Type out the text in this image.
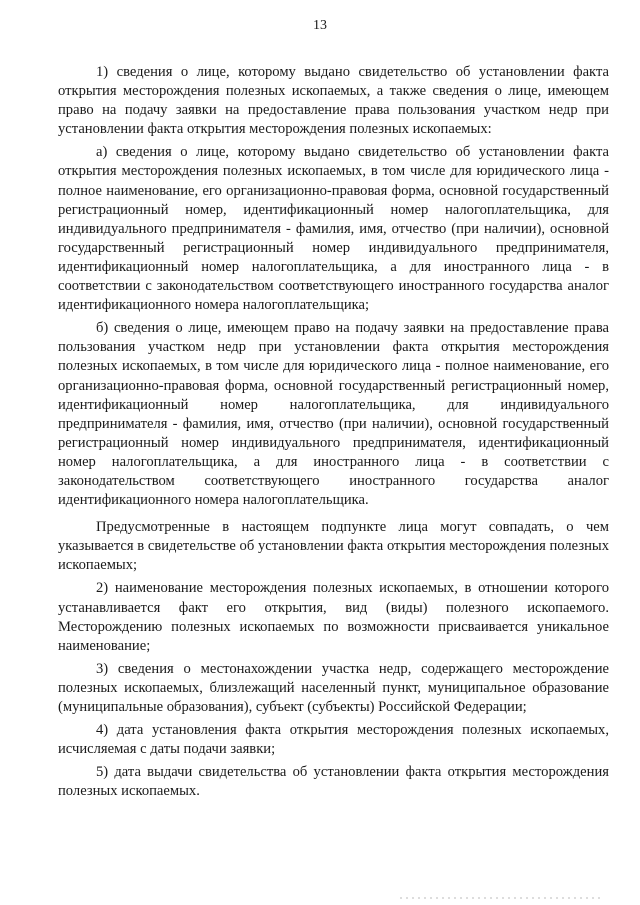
13

1) сведения о лице, которому выдано свидетельство об установлении факта открытия месторождения полезных ископаемых, а также сведения о лице, имеющем право на подачу заявки на предоставление права пользования участком недр при установлении факта открытия месторождения полезных ископаемых:

а) сведения о лице, которому выдано свидетельство об установлении факта открытия месторождения полезных ископаемых, в том числе для юридического лица - полное наименование, его организационно-правовая форма, основной государственный регистрационный номер, идентификационный номер налогоплательщика, для индивидуального предпринимателя - фамилия, имя, отчество (при наличии), основной государственный регистрационный номер индивидуального предпринимателя, идентификационный номер налогоплательщика, а для иностранного лица - в соответствии с законодательством соответствующего иностранного государства аналог идентификационного номера налогоплательщика;

б) сведения о лице, имеющем право на подачу заявки на предоставление права пользования участком недр при установлении факта открытия месторождения полезных ископаемых, в том числе для юридического лица - полное наименование, его организационно-правовая форма, основной государственный регистрационный номер, идентификационный номер налогоплательщика, для индивидуального предпринимателя - фамилия, имя, отчество (при наличии), основной государственный регистрационный номер индивидуального предпринимателя, идентификационный номер налогоплательщика, а для иностранного лица - в соответствии с законодательством соответствующего иностранного государства аналог идентификационного номера налогоплательщика.

Предусмотренные в настоящем подпункте лица могут совпадать, о чем указывается в свидетельстве об установлении факта открытия месторождения полезных ископаемых;

2) наименование месторождения полезных ископаемых, в отношении которого устанавливается факт его открытия, вид (виды) полезного ископаемого. Месторождению полезных ископаемых по возможности присваивается уникальное наименование;

3) сведения о местонахождении участка недр, содержащего месторождение полезных ископаемых, близлежащий населенный пункт, муниципальное образование (муниципальные образования), субъект (субъекты) Российской Федерации;

4) дата установления факта открытия месторождения полезных ископаемых, исчисляемая с даты подачи заявки;

5) дата выдачи свидетельства об установлении факта открытия месторождения полезных ископаемых.
